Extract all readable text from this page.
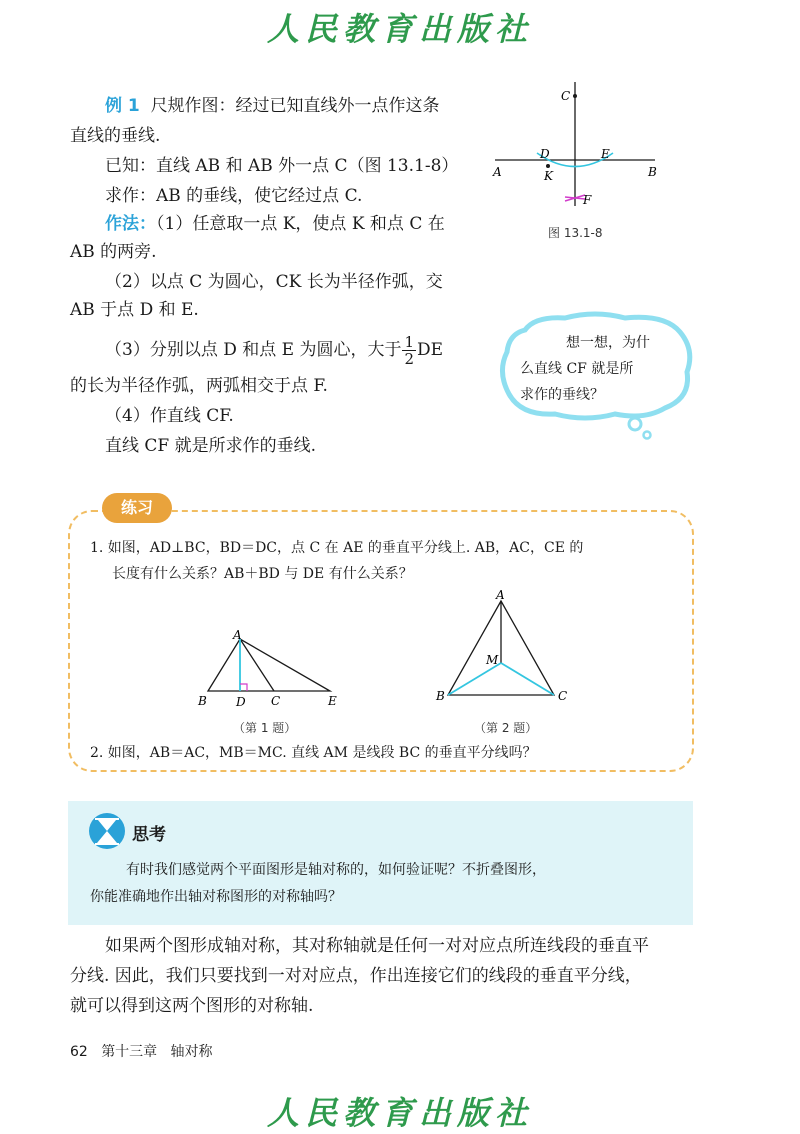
人民教育出版社
例 1 尺规作图：经过已知直线外一点作这条
直线的垂线.
已知：直线 AB 和 AB 外一点 C（图 13.1-8）
求作：AB 的垂线，使它经过点 C.
作法：（1）任意取一点 K，使点 K 和点 C 在
AB 的两旁.
（2）以点 C 为圆心，CK 长为半径作弧，交
AB 于点 D 和 E.
（3）分别以点 D 和点 E 为圆心，大于 $\frac{1}{2}$ DE
的长为半径作弧，两弧相交于点 F.
（4）作直线 CF.
直线 CF 就是所求作的垂线.
C
D	E
A	B
K
F
图 13.1-8
想一想，为什
么直线 CF 就是所
求作的垂线？
练习
1. 如图，AD⊥BC，BD＝DC，点 C 在 AE 的垂直平分线上. AB，AC，CE 的
长度有什么关系？AB＋BD 与 DE 有什么关系？
A
B D C	E
（第 1 题）
A
M
B	C
（第 2 题）
2. 如图，AB＝AC，MB＝MC. 直线 AM 是线段 BC 的垂直平分线吗？
思考
有时我们感觉两个平面图形是轴对称的，如何验证呢？不折叠图形，
你能准确地作出轴对称图形的对称轴吗？
如果两个图形成轴对称，其对称轴就是任何一对对应点所连线段的垂直平
分线. 因此，我们只要找到一对对应点，作出连接它们的线段的垂直平分线，
就可以得到这两个图形的对称轴.
62 第十三章 轴对称
人民教育出版社
